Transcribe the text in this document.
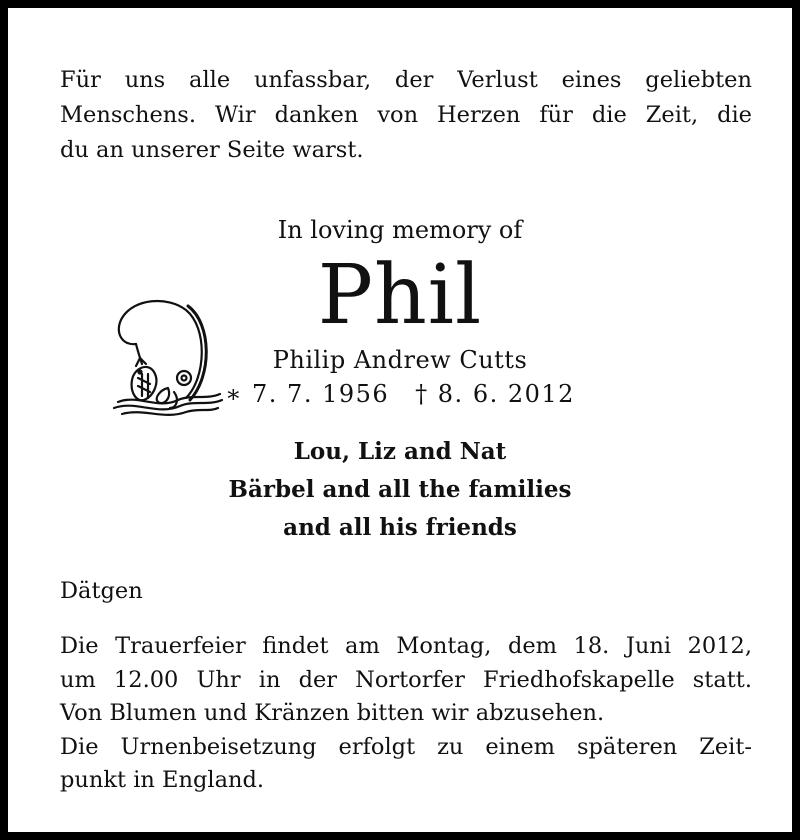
Für uns alle unfassbar, der Verlust eines geliebten
Menschens. Wir danken von Herzen für die Zeit, die
du an unserer Seite warst.
In loving memory of
Phil
Philip Andrew Cutts
∗ 7. 7. 1956 † 8. 6. 2012
Lou, Liz and Nat
Bärbel and all the families
and all his friends
Dätgen
Die Trauerfeier findet am Montag, dem 18. Juni 2012,
um 12.00 Uhr in der Nortorfer Friedhofskapelle statt.
Von Blumen und Kränzen bitten wir abzusehen.
Die Urnenbeisetzung erfolgt zu einem späteren Zeit-
punkt in England.
